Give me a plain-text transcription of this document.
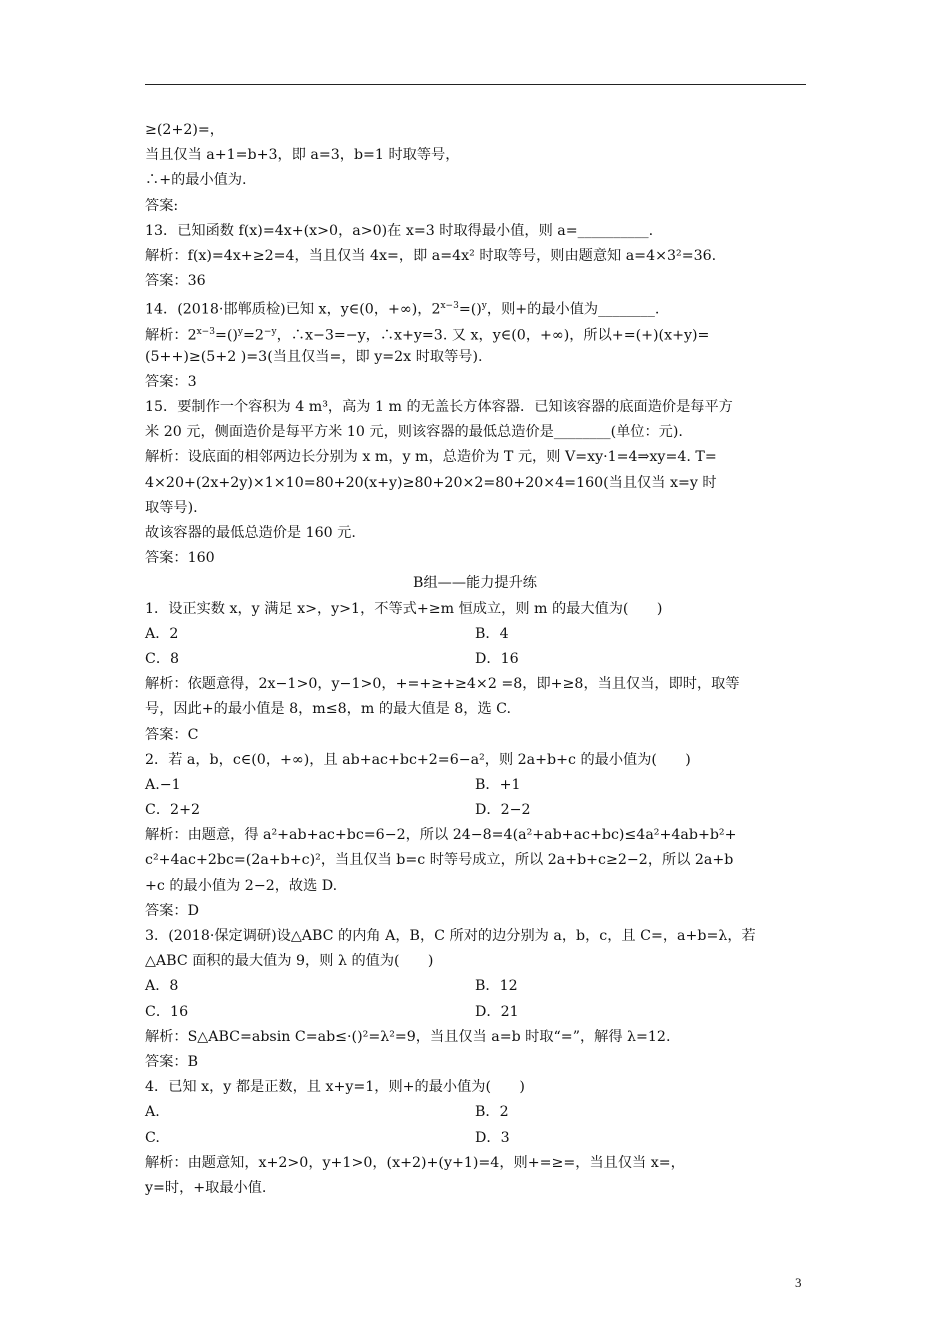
≥(2+2)=，
当且仅当 a+1=b+3，即 a=3，b=1 时取等号，
∴+的最小值为.
答案:
13．已知函数 f(x)=4x+(x>0，a>0)在 x=3 时取得最小值，则 a=__________.
解析：f(x)=4x+≥2=4，当且仅当 4x=，即 a=4x² 时取等号，则由题意知 a=4×3²=36.
答案：36
14．(2018·邯郸质检)已知 x，y∈(0，+∞)，$2^{x-3}=()^y$，则+的最小值为________.
解析：$2^{x-3}=()^y=2^{-y}$，∴x−3=−y，∴x+y=3. 又 x，y∈(0，+∞)，所以+=(+)(x+y)=
(5++)≥(5+2 )=3(当且仅当=，即 y=2x 时取等号).
答案：3
15．要制作一个容积为 4 m³，高为 1 m 的无盖长方体容器．已知该容器的底面造价是每平方
米 20 元，侧面造价是每平方米 10 元，则该容器的最低总造价是________(单位：元).
解析：设底面的相邻两边长分别为 x m，y m，总造价为 T 元，则 V=xy·1=4⇒xy=4. T=
4×20+(2x+2y)×1×10=80+20(x+y)≥80+20×2=80+20×4=160(当且仅当 x=y 时
取等号).
故该容器的最低总造价是 160 元.
答案：160
B组——能力提升练
1．设正实数 x，y 满足 x>，y>1，不等式+≥m 恒成立，则 m 的最大值为(　　)
A．2	B．4
C．8	D．16
解析：依题意得，2x−1>0，y−1>0，+=+≥+≥4×2 =8，即+≥8，当且仅当，即时，取等
号，因此+的最小值是 8，m≤8，m 的最大值是 8，选 C.
答案：C
2．若 a，b，c∈(0，+∞)，且 ab+ac+bc+2=6−a²，则 2a+b+c 的最小值为(　　)
A.−1	B．+1
C．2+2	D．2−2
解析：由题意，得 a²+ab+ac+bc=6−2，所以 24−8=4(a²+ab+ac+bc)≤4a²+4ab+b²+
c²+4ac+2bc=(2a+b+c)²，当且仅当 b=c 时等号成立，所以 2a+b+c≥2−2，所以 2a+b
+c 的最小值为 2−2，故选 D.
答案：D
3．(2018·保定调研)设△ABC 的内角 A，B，C 所对的边分别为 a，b，c，且 C=，a+b=λ，若
△ABC 面积的最大值为 9，则 λ 的值为(　　)
A．8	B．12
C．16	D．21
解析：S△ABC=absin C=ab≤·()²=λ²=9，当且仅当 a=b 时取“=”，解得 λ=12.
答案：B
4．已知 x，y 都是正数，且 x+y=1，则+的最小值为(　　)
A.	B．2
C.	D．3
解析：由题意知，x+2>0，y+1>0，(x+2)+(y+1)=4，则+=≥=，当且仅当 x=，
y=时，+取最小值.
3
